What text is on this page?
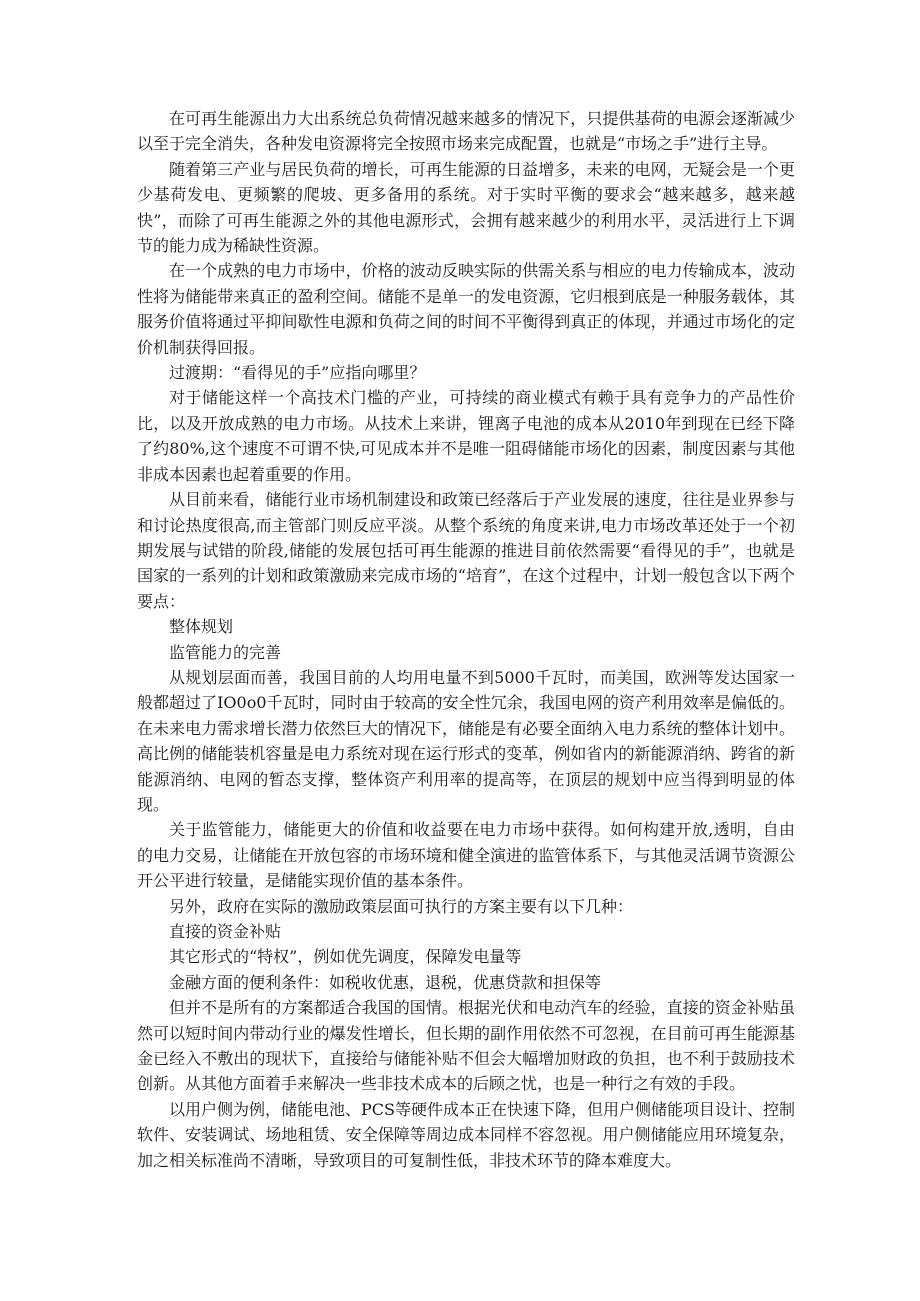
在可再生能源出力大出系统总负荷情况越来越多的情况下，只提供基荷的电源会逐渐减少以至于完全消失，各种发电资源将完全按照市场来完成配置，也就是“市场之手”进行主导。

随着第三产业与居民负荷的增长，可再生能源的日益增多，未来的电网，无疑会是一个更少基荷发电、更频繁的爬坡、更多备用的系统。对于实时平衡的要求会“越来越多，越来越快”，而除了可再生能源之外的其他电源形式，会拥有越来越少的利用水平，灵活进行上下调节的能力成为稀缺性资源。

在一个成熟的电力市场中，价格的波动反映实际的供需关系与相应的电力传输成本，波动性将为储能带来真正的盈利空间。储能不是单一的发电资源，它归根到底是一种服务载体，其服务价值将通过平抑间歇性电源和负荷之间的时间不平衡得到真正的体现，并通过市场化的定价机制获得回报。

过渡期：“看得见的手”应指向哪里？

对于储能这样一个高技术门槛的产业，可持续的商业模式有赖于具有竞争力的产品性价比，以及开放成熟的电力市场。从技术上来讲，锂离子电池的成本从2010年到现在已经下降了约80%,这个速度不可谓不快,可见成本并不是唯一阻碍储能市场化的因素，制度因素与其他非成本因素也起着重要的作用。

从目前来看，储能行业市场机制建设和政策已经落后于产业发展的速度，往往是业界参与和讨论热度很高,而主管部门则反应平淡。从整个系统的角度来讲,电力市场改革还处于一个初期发展与试错的阶段,储能的发展包括可再生能源的推进目前依然需要“看得见的手”，也就是国家的一系列的计划和政策激励来完成市场的“培育”，在这个过程中，计划一般包含以下两个要点：

整体规划

监管能力的完善

从规划层面而善，我国目前的人均用电量不到5000千瓦时，而美国，欧洲等发达国家一般都超过了IO0o0千瓦时，同时由于较高的安全性冗余，我国电网的资产利用效率是偏低的。在未来电力需求增长潜力依然巨大的情况下，储能是有必要全面纳入电力系统的整体计划中。高比例的储能装机容量是电力系统对现在运行形式的变革，例如省内的新能源消纳、跨省的新能源消纳、电网的暂态支撑，整体资产利用率的提高等，在顶层的规划中应当得到明显的体现。

关于监管能力，储能更大的价值和收益要在电力市场中获得。如何构建开放,透明，自由的电力交易，让储能在开放包容的市场环境和健全演进的监管体系下，与其他灵活调节资源公开公平进行较量，是储能实现价值的基本条件。

另外，政府在实际的激励政策层面可执行的方案主要有以下几种：

直接的资金补贴

其它形式的“特权”，例如优先调度，保障发电量等

金融方面的便利条件：如税收优惠，退税，优惠贷款和担保等

但并不是所有的方案都适合我国的国情。根据光伏和电动汽车的经验，直接的资金补贴虽然可以短时间内带动行业的爆发性增长，但长期的副作用依然不可忽视，在目前可再生能源基金已经入不敷出的现状下，直接给与储能补贴不但会大幅增加财政的负担，也不利于鼓励技术创新。从其他方面着手来解决一些非技术成本的后顾之忧，也是一种行之有效的手段。

以用户侧为例，储能电池、PCS等硬件成本正在快速下降，但用户侧储能项目设计、控制软件、安装调试、场地租赁、安全保障等周边成本同样不容忽视。用户侧储能应用环境复杂，加之相关标准尚不清晰，导致项目的可复制性低，非技术环节的降本难度大。
